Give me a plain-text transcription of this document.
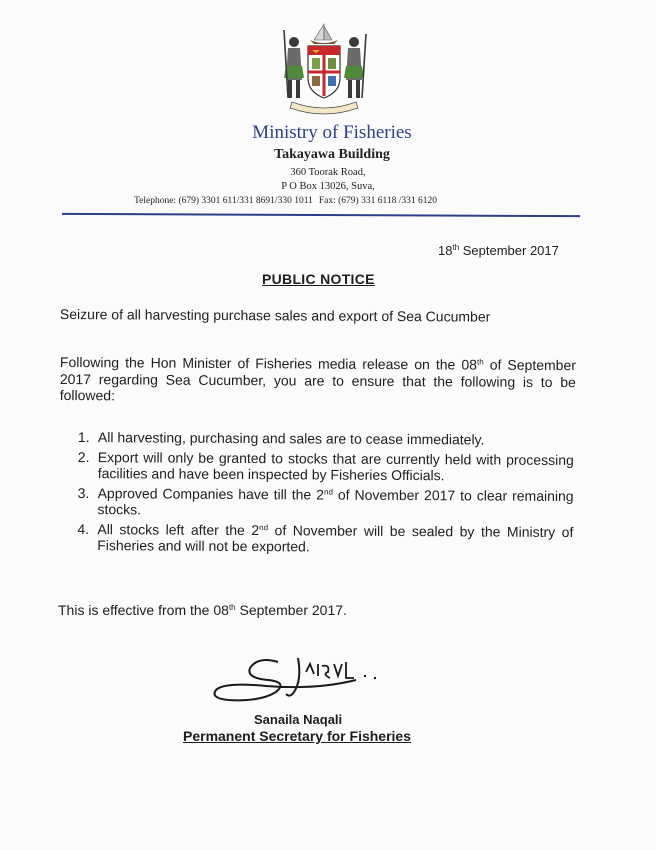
Ministry of Fisheries
Takayawa Building
360 Toorak Road,
P O Box 13026, Suva,
Telephone: (679) 3301 611/331 8691/330 1011 Fax: (679) 331 6118 /331 6120
18th September 2017
PUBLIC NOTICE
Seizure of all harvesting purchase sales and export of Sea Cucumber
Following the Hon Minister of Fisheries media release on the 08th of September 2017 regarding Sea Cucumber, you are to ensure that the following is to be followed:
1. All harvesting, purchasing and sales are to cease immediately.
2. Export will only be granted to stocks that are currently held with processing facilities and have been inspected by Fisheries Officials.
3. Approved Companies have till the 2nd of November 2017 to clear remaining stocks.
4. All stocks left after the 2nd of November will be sealed by the Ministry of Fisheries and will not be exported.
This is effective from the 08th September 2017.
Sanaila Naqali
Permanent Secretary for Fisheries
